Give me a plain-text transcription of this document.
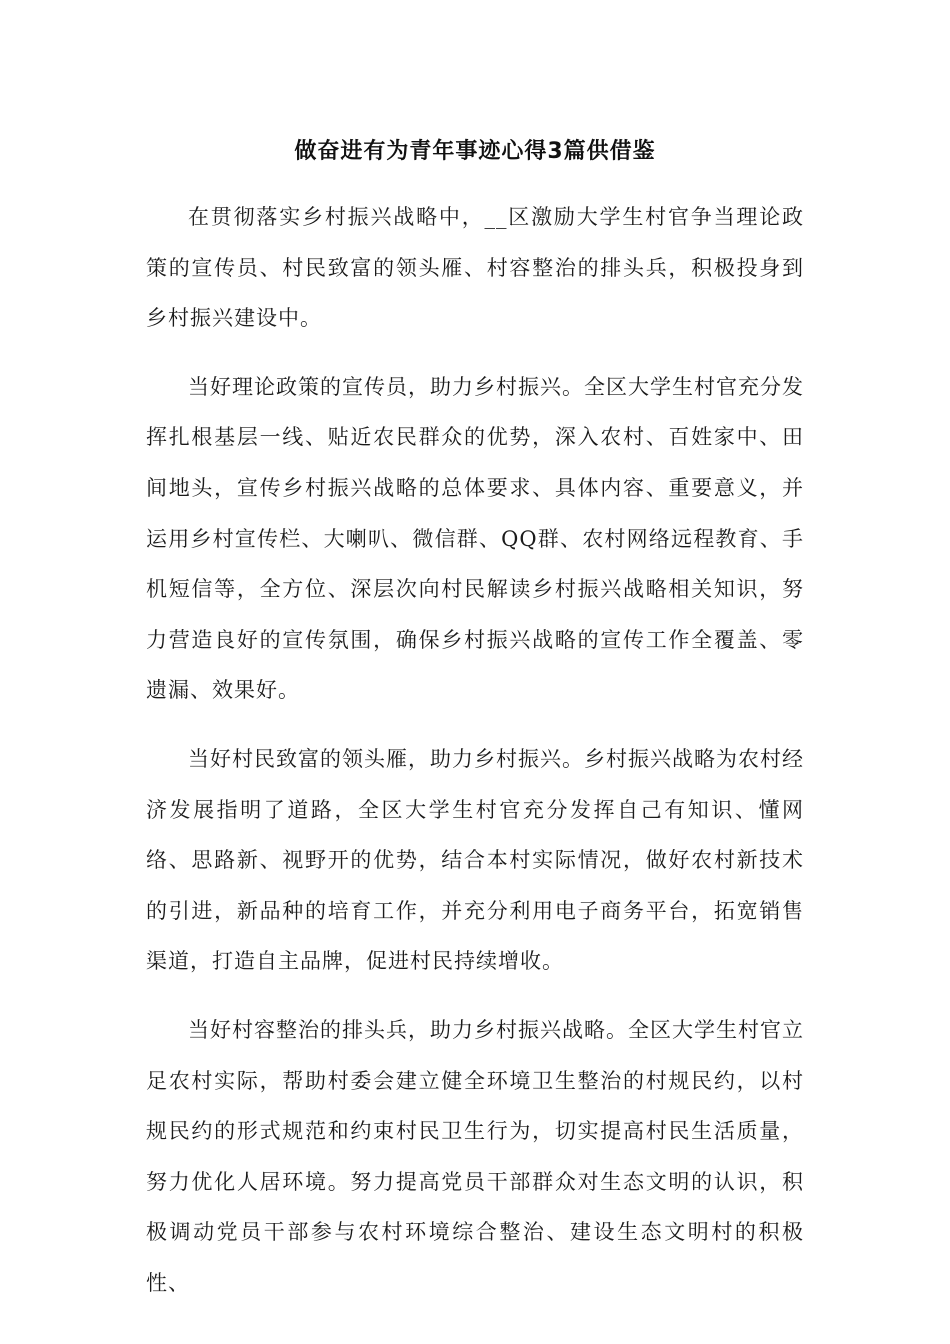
做奋进有为青年事迹心得3篇供借鉴

在贯彻落实乡村振兴战略中，__区激励大学生村官争当理论政策的宣传员、村民致富的领头雁、村容整治的排头兵，积极投身到乡村振兴建设中。

当好理论政策的宣传员，助力乡村振兴。全区大学生村官充分发挥扎根基层一线、贴近农民群众的优势，深入农村、百姓家中、田间地头，宣传乡村振兴战略的总体要求、具体内容、重要意义，并运用乡村宣传栏、大喇叭、微信群、QQ群、农村网络远程教育、手机短信等，全方位、深层次向村民解读乡村振兴战略相关知识，努力营造良好的宣传氛围，确保乡村振兴战略的宣传工作全覆盖、零遗漏、效果好。

当好村民致富的领头雁，助力乡村振兴。乡村振兴战略为农村经济发展指明了道路，全区大学生村官充分发挥自己有知识、懂网络、思路新、视野开的优势，结合本村实际情况，做好农村新技术的引进，新品种的培育工作，并充分利用电子商务平台，拓宽销售渠道，打造自主品牌，促进村民持续增收。

当好村容整治的排头兵，助力乡村振兴战略。全区大学生村官立足农村实际，帮助村委会建立健全环境卫生整治的村规民约，以村规民约的形式规范和约束村民卫生行为，切实提高村民生活质量，努力优化人居环境。努力提高党员干部群众对生态文明的认识，积极调动党员干部参与农村环境综合整治、建设生态文明村的积极性、
